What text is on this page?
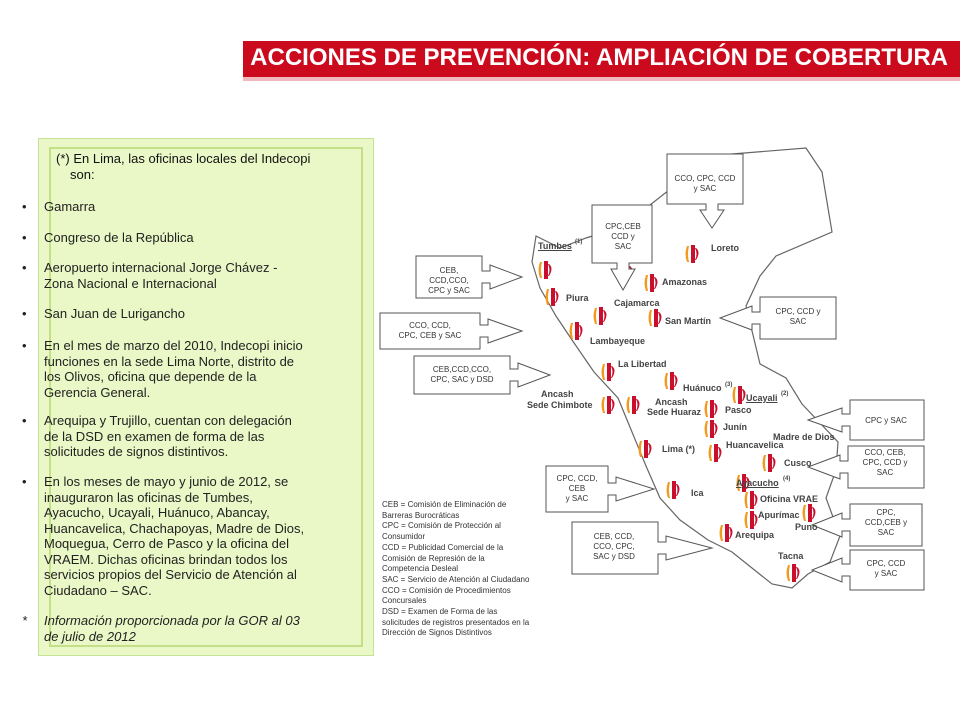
ACCIONES DE PREVENCIÓN: AMPLIACIÓN DE COBERTURA
(*) En Lima, las oficinas locales del Indecopi
son:
• Gamarra
• Congreso de la República
• Aeropuerto internacional Jorge Chávez -
Zona Nacional e Internacional
• San Juan de Lurigancho
• En el mes de marzo del 2010, Indecopi inicio
funciones en la sede Lima Norte, distrito de
los Olivos, oficina que depende de la
Gerencia General.
• Arequipa y Trujillo, cuentan con delegación
de la DSD en examen de forma de las
solicitudes de signos distintivos.
• En los meses de mayo y junio de 2012, se
inauguraron las oficinas de Tumbes,
Ayacucho, Ucayali, Huánuco, Abancay,
Huancavelica, Chachapoyas, Madre de Dios,
Moquegua, Cerro de Pasco y la oficina del
VRAEM. Dichas oficinas brindan todos los
servicios propios del Servicio de Atención al
Ciudadano – SAC.
* Información proporcionada por la GOR al 03
de julio de 2012
Tumbes (1)
Piura
Lambayeque
Cajamarca
Amazonas
Loreto
San Martín
La Libertad
Ancash
Sede Chimbote	Ancash
Sede Huaraz
Huánuco (3)
Ucayali (2)
Pasco
Junín
Huancavelica
Madre de Dios
Lima (*)
Cusco
Ayacucho (4)
Oficina VRAE
Ica
Apurímac
Puno
Arequipa
Tacna
CCO, CPC, CCD
y SAC
CPC,CEB
CCD y
SAC
CEB,
CCD,CCO,
CPC y SAC
CCO, CCD,
CPC, CEB y SAC
CEB,CCD,CCO,
CPC, SAC y DSD
CPC, CCD y
SAC
CPC y SAC
CCO, CEB,
CPC, CCD y
SAC
CPC, CCD,
CEB
y SAC
CPC,
CCD,CEB y
SAC
CEB, CCD,
CCO, CPC,
SAC y DSD
CPC, CCD
y SAC
CEB = Comisión de Eliminación de
Barreras Burocráticas
CPC = Comisión de Protección al
Consumidor
CCD = Publicidad Comercial de la
Comisión de Represión de la
Competencia Desleal
SAC = Servicio de Atención al Ciudadano
CCO = Comisión de Procedimientos
Concursales
DSD = Examen de Forma de las
solicitudes de registros presentados en la
Dirección de Signos Distintivos
